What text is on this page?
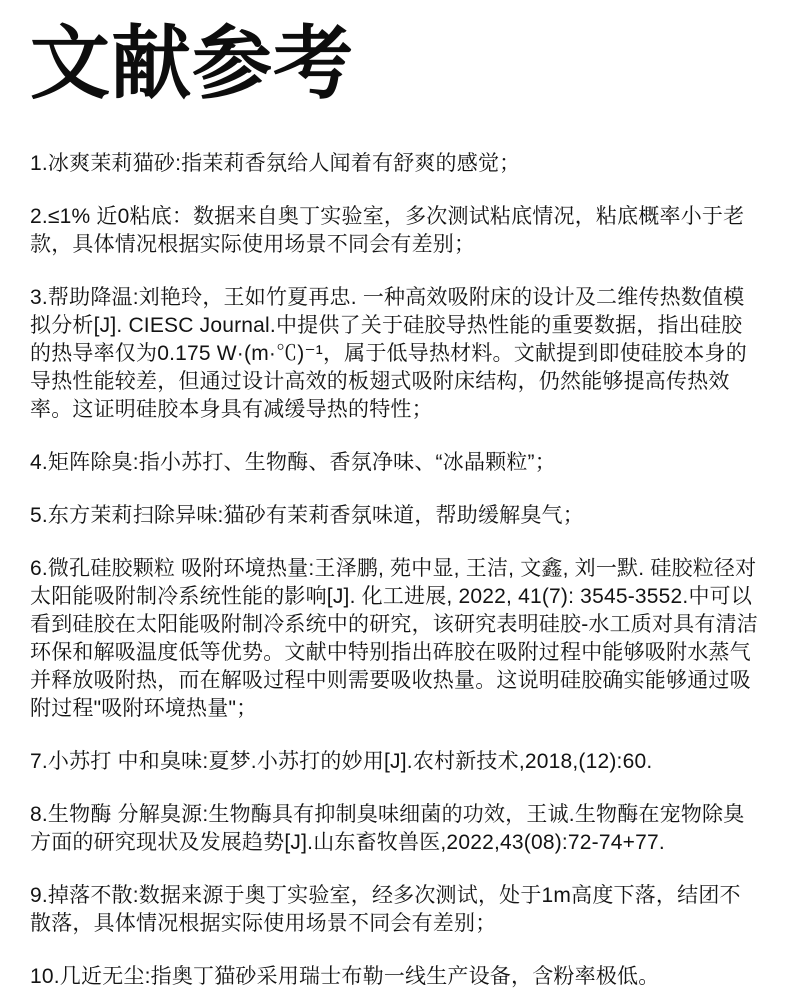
文献参考

1.冰爽茉莉猫砂:指茉莉香氛给人闻着有舒爽的感觉；

2.≤1% 近0粘底：数据来自奥丁实验室，多次测试粘底情况，粘底概率小于老款，具体情况根据实际使用场景不同会有差别；

3.帮助降温:刘艳玲，王如竹夏再忠. 一种高效吸附床的设计及二维传热数值模拟分析[J]. CIESC Journal.中提供了关于硅胶导热性能的重要数据，指出硅胶的热导率仅为0.175 W·(m·℃)⁻¹，属于低导热材料。文献提到即使硅胶本身的导热性能较差，但通过设计高效的板翅式吸附床结构，仍然能够提高传热效率。这证明硅胶本身具有减缓导热的特性；

4.矩阵除臭:指小苏打、生物酶、香氛净味、“冰晶颗粒”；

5.东方茉莉扫除异味:猫砂有茉莉香氛味道，帮助缓解臭气；

6.微孔硅胶颗粒 吸附环境热量:王泽鹏, 苑中显, 王洁, 文鑫, 刘一默. 硅胶粒径对太阳能吸附制冷系统性能的影响[J]. 化工进展, 2022, 41(7): 3545-3552.中可以看到硅胶在太阳能吸附制冷系统中的研究，该研究表明硅胶-水工质对具有清洁环保和解吸温度低等优势。文献中特别指出砗胶在吸附过程中能够吸附水蒸气并释放吸附热，而在解吸过程中则需要吸收热量。这说明硅胶确实能够通过吸附过程"吸附环境热量"；

7.小苏打 中和臭味:夏梦.小苏打的妙用[J].农村新技术,2018,(12):60.

8.生物酶 分解臭源:生物酶具有抑制臭味细菌的功效，王诚.生物酶在宠物除臭方面的研究现状及发展趋势[J].山东畜牧兽医,2022,43(08):72-74+77.

9.掉落不散:数据来源于奥丁实验室，经多次测试，处于1m高度下落，结团不散落，具体情况根据实际使用场景不同会有差别；

10.几近无尘:指奥丁猫砂采用瑞士布勒一线生产设备，含粉率极低。
